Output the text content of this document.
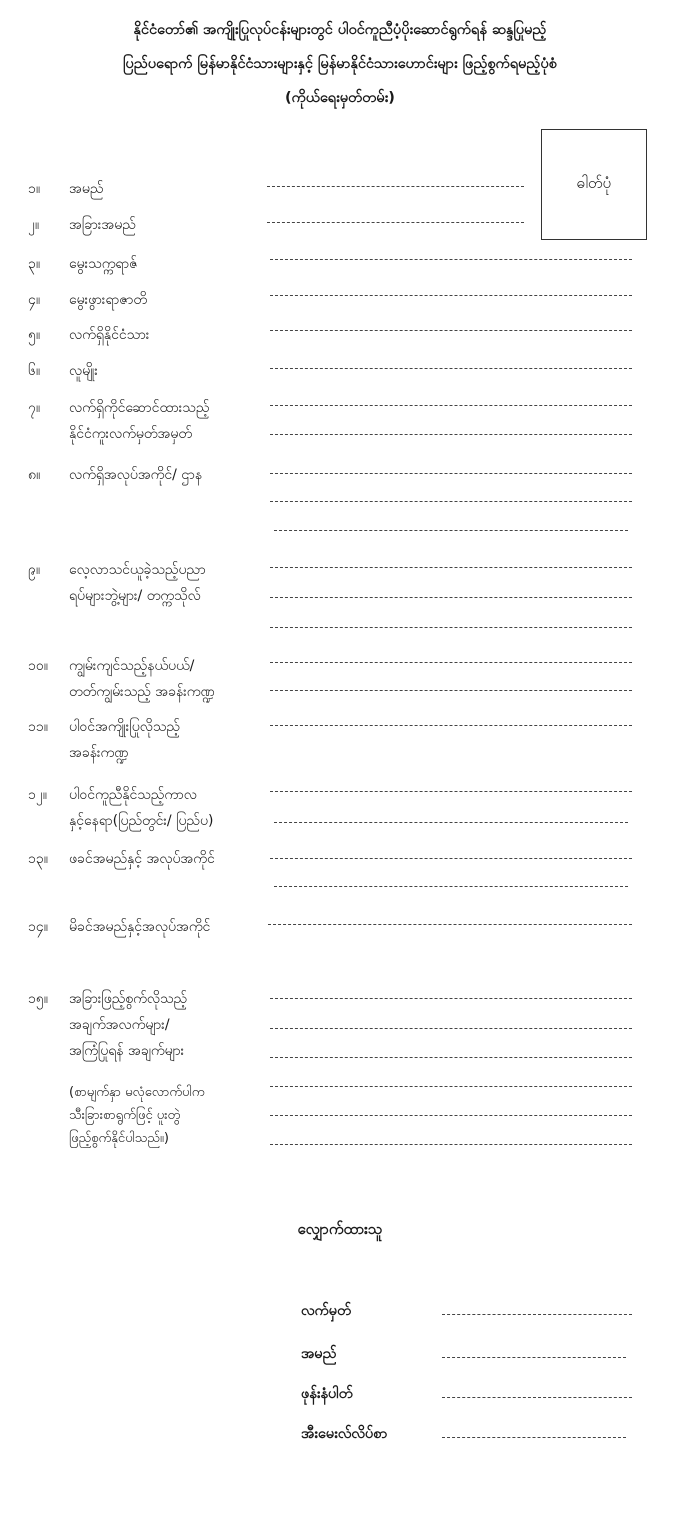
နိုင်ငံတော်၏ အကျိုးပြုလုပ်ငန်းများတွင် ပါဝင်ကူညီပံ့ပိုးဆောင်ရွက်ရန် ဆန္ဒပြုမည့်
ပြည်ပရောက် မြန်မာနိုင်ငံသားများနှင့် မြန်မာနိုင်ငံသားဟောင်းများ ဖြည့်စွက်ရမည့်ပုံစံ
(ကိုယ်ရေးမှတ်တမ်း)
ဓါတ်ပုံ
၁။ အမည်
၂။ အခြားအမည်
၃။ မွေးသက္ကရာဇ်
၄။ မွေးဖွားရာဇာတိ
၅။ လက်ရှိနိုင်ငံသား
၆။ လူမျိုး
၇။ လက်ရှိကိုင်ဆောင်ထားသည့်
နိုင်ငံကူးလက်မှတ်အမှတ်
၈။ လက်ရှိအလုပ်အကိုင်/ ဌာန
၉။ လေ့လာသင်ယူခဲ့သည့်ပညာ
ရပ်များဘွဲ့များ/ တက္ကသိုလ်
၁၀။ ကျွမ်းကျင်သည့်နယ်ပယ်/
တတ်ကျွမ်းသည့် အခန်းကဏ္ဍ
၁၁။ ပါဝင်အကျိုးပြုလိုသည့်
အခန်းကဏ္ဍ
၁၂။ ပါဝင်ကူညီနိုင်သည့်ကာလ
နှင့်နေရာ(ပြည်တွင်း/ ပြည်ပ)
၁၃။ ဖခင်အမည်နှင့် အလုပ်အကိုင်
၁၄။ မိခင်အမည်နှင့်အလုပ်အကိုင်
၁၅။ အခြားဖြည့်စွက်လိုသည့်
အချက်အလက်များ/
အကြံပြုရန် အချက်များ
(စာမျက်နှာ မလုံလောက်ပါက
သီးခြားစာရွက်ဖြင့် ပူးတွဲ
ဖြည့်စွက်နိုင်ပါသည်။)
လျှောက်ထားသူ
လက်မှတ်
အမည်
ဖုန်းနံပါတ်
အီးမေးလ်လိပ်စာ
